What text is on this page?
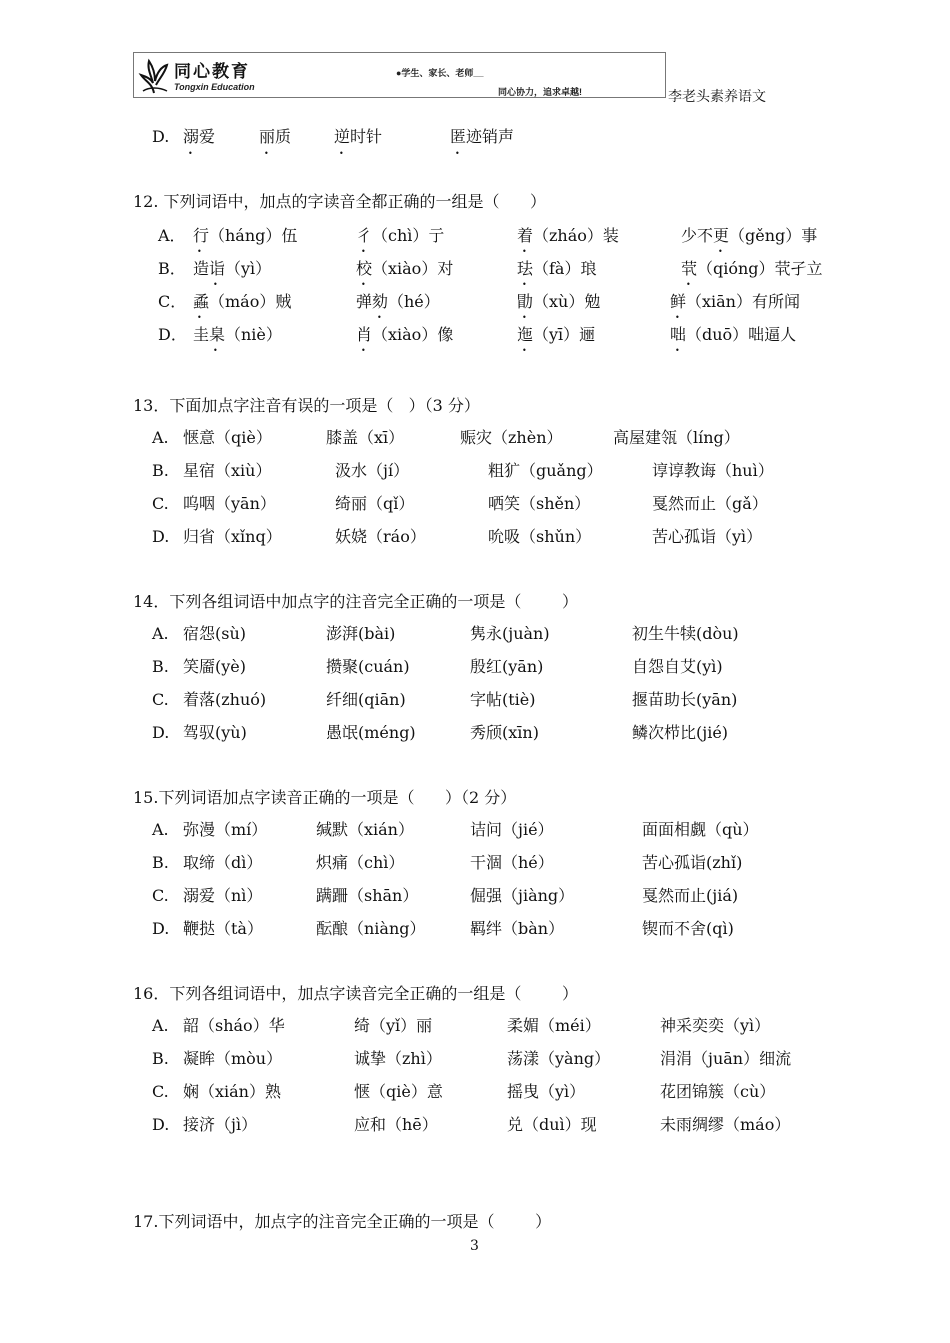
同心教育
Tongxin Education
●学生、家长、老师__
同心协力，追求卓越!	李老头素养语文
D. 溺爱	丽质	逆时针	匿迹销声
•	•	•	•
12. 下列词语中，加点的字读音全都正确的一组是（      ）
A． 行（háng）伍	彳（chì）亍	着（zháo）装	少不更（gěng）事
B． 造诣（yì）	校（xiào）对	珐（fà）琅	茕（qióng）茕孑立
C． 蟊（máo）贼	弹劾（hé）	勖（xù）勉	鲜（xiān）有所闻
D． 圭臬（niè）	肖（xiào）像	迤（yī）逦	咄（duō）咄逼人
•	•	•	•
•	•	•	•
•	•	•	•
•	•	•	•
13．下面加点字注音有误的一项是（   ）（3 分）
A. 惬意（qiè）	膝盖（xī）	赈灾（zhèn）	高屋建瓴（líng）
B. 星宿（xiù）	汲水（jí）	粗犷（guǎng）	谆谆教诲（huì）
C. 呜咽（yān）	绮丽（qǐ）	哂笑（shěn）	戛然而止（gǎ）
D. 归省（xǐnq）	妖娆（ráo）	吮吸（shǔn）	苦心孤诣（yì）
14．下列各组词语中加点字的注音完全正确的一项是（        ）
A. 宿怨(sù)	澎湃(bài)	隽永(juàn)	初生牛犊(dòu)
B. 笑靥(yè)	攒聚(cuán)	殷红(yān)	自怨自艾(yì)
C. 着落(zhuó)	纤细(qiān)	字帖(tiè)	揠苗助长(yān)
D. 驾驭(yù)	愚氓(méng)	秀颀(xīn)	鳞次栉比(jié)
15.下列词语加点字读音正确的一项是（      ）（2 分）
A. 弥漫（mí）	缄默（xián）	诘问（jié）	面面相觑（qù）
B. 取缔（dì）	炽痛（chì）	干涸（hé）	苦心孤诣(zhǐ)
C. 溺爱（nì）	蹒跚（shān）	倔强（jiàng）	戛然而止(jiá)
D. 鞭挞（tà）	酝酿（niàng）	羁绊（bàn）	锲而不舍(qì)
16．下列各组词语中，加点字读音完全正确的一组是（        ）
A. 韶（sháo）华	绮（yǐ）丽	柔媚（méi）	神采奕奕（yì）
B. 凝眸（mòu）	诚挚（zhì）	荡漾（yàng）	涓涓（juān）细流
C. 娴（xián）熟	惬（qiè）意	摇曳（yì）	花团锦簇（cù）
D. 接济（jì）	应和（hē）	兑（duì）现	未雨绸缪（máo）
17.下列词语中，加点字的注音完全正确的一项是（        ）
3
